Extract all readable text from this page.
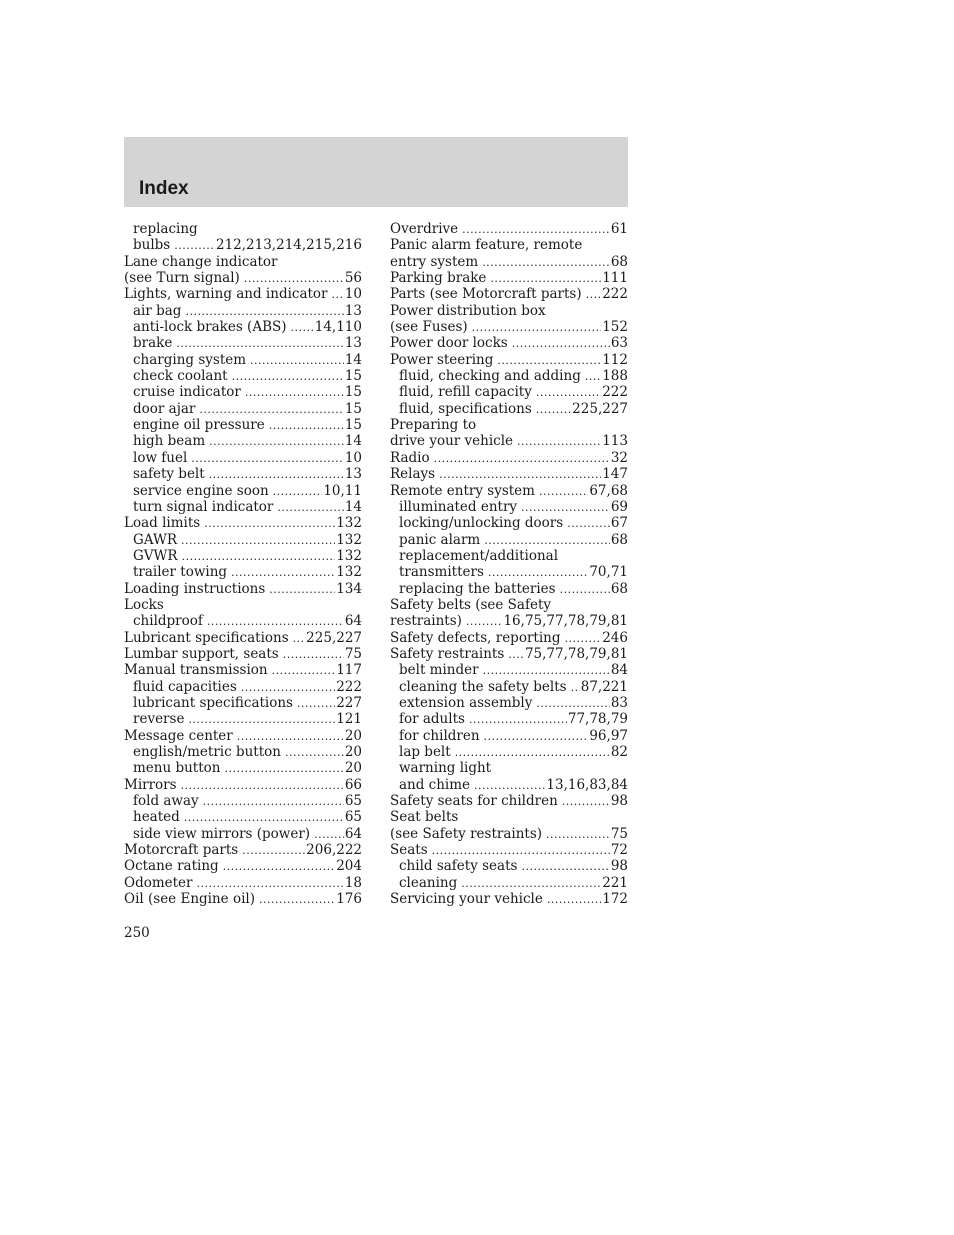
Index
replacing
bulbs .....	212,213,214,215,216
Lane change indicator
(see Turn signal) .....	56
Lights, warning and indicator ..... 10
air bag .....	13
anti-lock brakes (ABS) ..... 14,110
brake .....	13
charging system .....	14
check coolant .....	15
cruise indicator .....	15
door ajar .....	15
engine oil pressure .....	15
high beam .....	14
low fuel .....	10
safety belt .....	13
service engine soon .....	10,11
turn signal indicator .....	14
Load limits .....	132
GAWR .....	132
GVWR .....	132
trailer towing .....	132
Loading instructions .....	134
Locks
childproof .....	64
Lubricant specifications ..... 225,227
Lumbar support, seats .....	75
Manual transmission .....	117
fluid capacities .....	222
lubricant specifications .....	227
reverse .....	121
Message center .....	20
english/metric button .....	20
menu button .....	20
Mirrors .....	66
fold away .....	65
heated .....	65
side view mirrors (power) .....	64
Motorcraft parts .....	206,222
Octane rating .....	204
Odometer .....	18
Oil (see Engine oil) .....	176
Overdrive .....	61
Panic alarm feature, remote
entry system .....	68
Parking brake .....	111
Parts (see Motorcraft parts) ..... 222
Power distribution box
(see Fuses) .....	152
Power door locks .....	63
Power steering .....	112
fluid, checking and adding ..... 188
fluid, refill capacity .....	222
fluid, specifications .....	225,227
Preparing to
drive your vehicle .....	113
Radio .....	32
Relays .....	147
Remote entry system .....	67,68
illuminated entry .....	69
locking/unlocking doors .....	67
panic alarm .....	68
replacement/additional
transmitters .....	70,71
replacing the batteries .....	68
Safety belts (see Safety
restraints) .....	16,75,77,78,79,81
Safety defects, reporting .....	246
Safety restraints ..... 75,77,78,79,81
belt minder .....	84
cleaning the safety belts ..... 87,221
extension assembly .....	83
for adults .....	77,78,79
for children .....	96,97
lap belt .....	82
warning light
and chime .....	13,16,83,84
Safety seats for children .....	98
Seat belts
(see Safety restraints) .....	75
Seats .....	72
child safety seats .....	98
cleaning .....	221
Servicing your vehicle .....	172
250
